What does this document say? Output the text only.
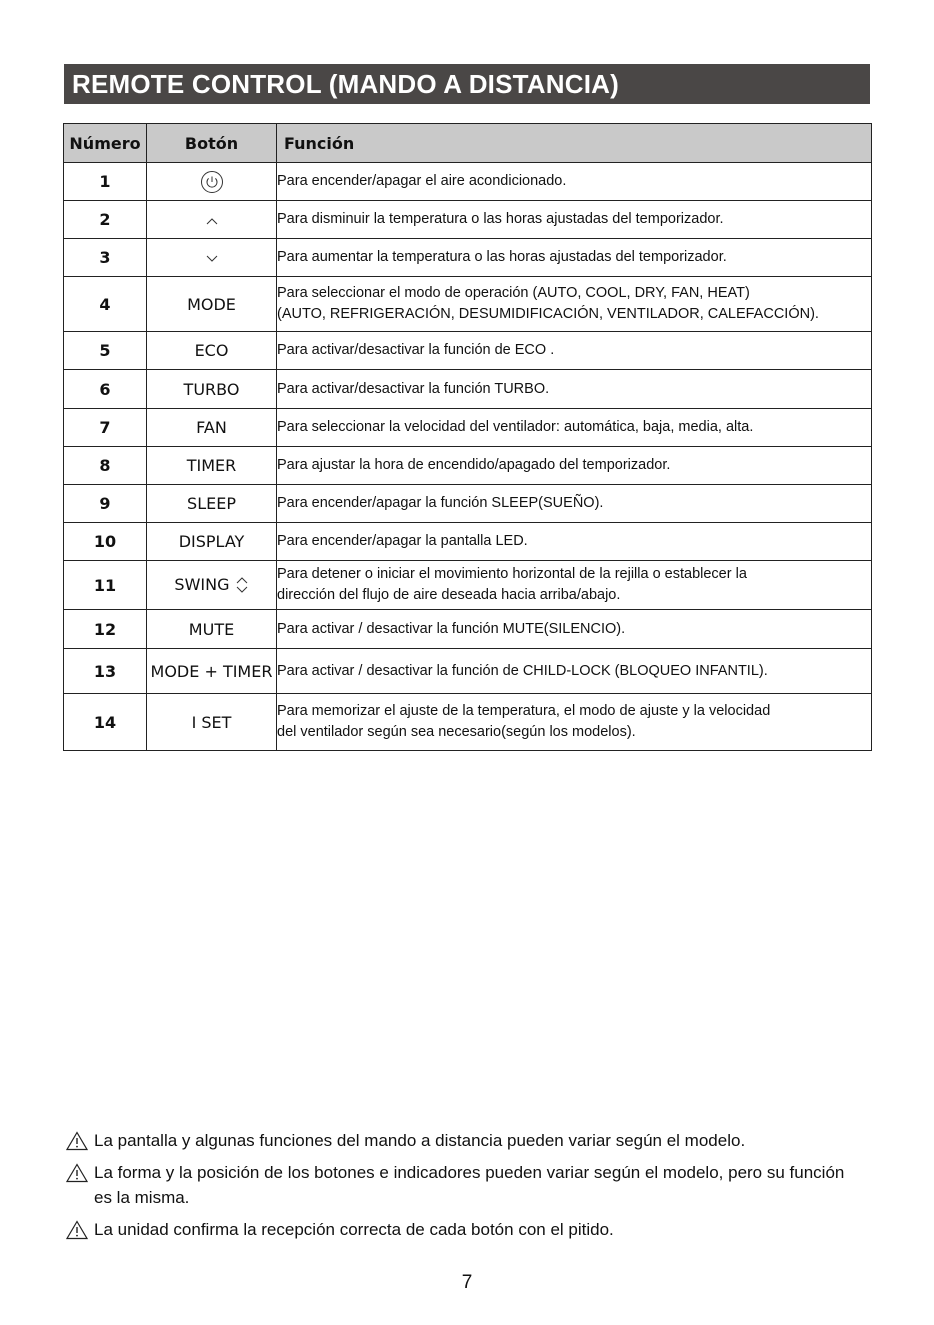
REMOTE CONTROL (MANDO A DISTANCIA)
Número	Botón	Función
1		Para encender/apagar el aire acondicionado.

2		Para disminuir la temperatura o las horas ajustadas del temporizador.

3		Para aumentar la temperatura o las horas ajustadas del temporizador.

4	MODE	Para seleccionar el modo de operación (AUTO, COOL, DRY, FAN, HEAT)
(AUTO, REFRIGERACIÓN, DESUMIDIFICACIÓN, VENTILADOR, CALEFACCIÓN).

5	ECO	Para activar/desactivar la función de ECO .

6	TURBO	Para activar/desactivar la función TURBO.

7	FAN	Para seleccionar la velocidad del ventilador: automática, baja, media, alta.

8	TIMER	Para ajustar la hora de encendido/apagado del temporizador.

9	SLEEP	Para encender/apagar la función SLEEP(SUEÑO).

10	DISPLAY	Para encender/apagar la pantalla LED.

11	SWING	Para detener o iniciar el movimiento horizontal de la rejilla o establecer la
dirección del flujo de aire deseada hacia arriba/abajo.

12	MUTE	Para activar / desactivar la función MUTE(SILENCIO).

13	MODE + TIMER	Para activar / desactivar la función de CHILD-LOCK (BLOQUEO INFANTIL).

14	I SET	Para memorizar el ajuste de la temperatura, el modo de ajuste y la velocidad
del ventilador según sea necesario(según los modelos).
La pantalla y algunas funciones del mando a distancia pueden variar según el modelo.
La forma y la posición de los botones e indicadores pueden variar según el modelo, pero su función es la misma.
La unidad confirma la recepción correcta de cada botón con el pitido.
7
